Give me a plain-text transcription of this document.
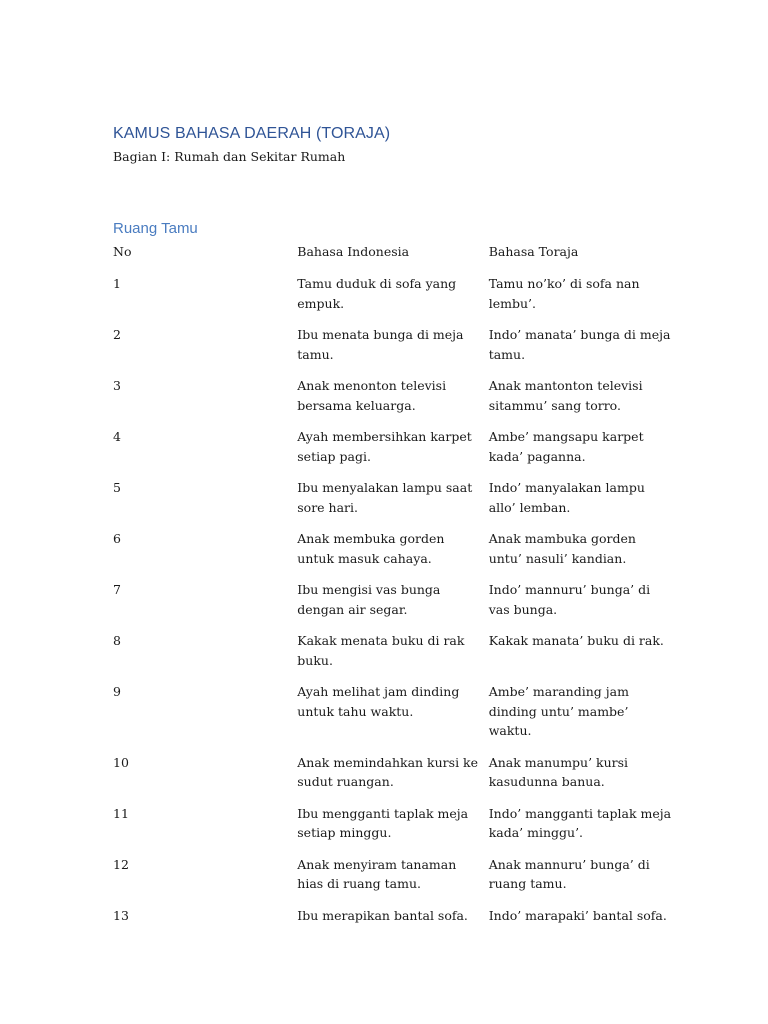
KAMUS BAHASA DAERAH (TORAJA)

Bagian I: Rumah dan Sekitar Rumah

Ruang Tamu
No	Bahasa Indonesia	Bahasa Toraja
1	Tamu duduk di sofa yang empuk.	Tamu no’ko’ di sofa nan lembu’.
2	Ibu menata bunga di meja tamu.	Indo’ manata’ bunga di meja tamu.
3	Anak menonton televisi bersama keluarga.	Anak mantonton televisi sitammu’ sang torro.
4	Ayah membersihkan karpet setiap pagi.	Ambe’ mangsapu karpet kada’ paganna.
5	Ibu menyalakan lampu saat sore hari.	Indo’ manyalakan lampu allo’ lemban.
6	Anak membuka gorden untuk masuk cahaya.	Anak mambuka gorden untu’ nasuli’ kandian.
7	Ibu mengisi vas bunga dengan air segar.	Indo’ mannuru’ bunga’ di vas bunga.
8	Kakak menata buku di rak buku.	Kakak manata’ buku di rak.
9	Ayah melihat jam dinding untuk tahu waktu.	Ambe’ maranding jam dinding untu’ mambe’ waktu.
10	Anak memindahkan kursi ke sudut ruangan.	Anak manumpu’ kursi kasudunna banua.
11	Ibu mengganti taplak meja setiap minggu.	Indo’ mangganti taplak meja kada’ minggu’.
12	Anak menyiram tanaman hias di ruang tamu.	Anak mannuru’ bunga’ di ruang tamu.
13	Ibu merapikan bantal sofa.	Indo’ marapaki’ bantal sofa.
